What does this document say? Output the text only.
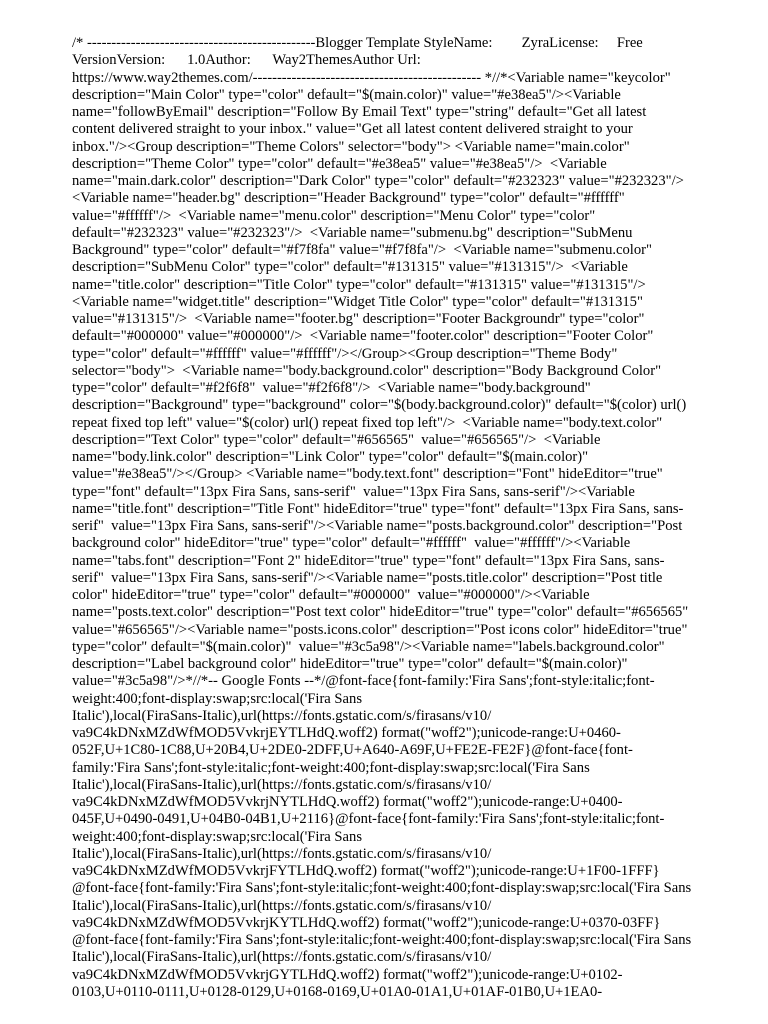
/* -----------------------------------------------Blogger Template StyleName:        ZyraLicense:     Free
VersionVersion:      1.0Author:      Way2ThemesAuthor Url:
https://www.way2themes.com/----------------------------------------------- *//*<Variable name="keycolor"
description="Main Color" type="color" default="$(main.color)" value="#e38ea5"/><Variable
name="followByEmail" description="Follow By Email Text" type="string" default="Get all latest
content delivered straight to your inbox." value="Get all latest content delivered straight to your
inbox."/><Group description="Theme Colors" selector="body"> <Variable name="main.color"
description="Theme Color" type="color" default="#e38ea5" value="#e38ea5"/>  <Variable
name="main.dark.color" description="Dark Color" type="color" default="#232323" value="#232323"/>
<Variable name="header.bg" description="Header Background" type="color" default="#ffffff"
value="#ffffff"/>  <Variable name="menu.color" description="Menu Color" type="color"
default="#232323" value="#232323"/>  <Variable name="submenu.bg" description="SubMenu
Background" type="color" default="#f7f8fa" value="#f7f8fa"/>  <Variable name="submenu.color"
description="SubMenu Color" type="color" default="#131315" value="#131315"/>  <Variable
name="title.color" description="Title Color" type="color" default="#131315" value="#131315"/>
<Variable name="widget.title" description="Widget Title Color" type="color" default="#131315"
value="#131315"/>  <Variable name="footer.bg" description="Footer Backgroundr" type="color"
default="#000000" value="#000000"/>  <Variable name="footer.color" description="Footer Color"
type="color" default="#ffffff" value="#ffffff"/></Group><Group description="Theme Body"
selector="body">  <Variable name="body.background.color" description="Body Background Color"
type="color" default="#f2f6f8"  value="#f2f6f8"/>  <Variable name="body.background"
description="Background" type="background" color="$(body.background.color)" default="$(color) url()
repeat fixed top left" value="$(color) url() repeat fixed top left"/>  <Variable name="body.text.color"
description="Text Color" type="color" default="#656565"  value="#656565"/>  <Variable
name="body.link.color" description="Link Color" type="color" default="$(main.color)"
value="#e38ea5"/></Group> <Variable name="body.text.font" description="Font" hideEditor="true"
type="font" default="13px Fira Sans, sans-serif"  value="13px Fira Sans, sans-serif"/><Variable
name="title.font" description="Title Font" hideEditor="true" type="font" default="13px Fira Sans, sans-
serif"  value="13px Fira Sans, sans-serif"/><Variable name="posts.background.color" description="Post
background color" hideEditor="true" type="color" default="#ffffff"  value="#ffffff"/><Variable
name="tabs.font" description="Font 2" hideEditor="true" type="font" default="13px Fira Sans, sans-
serif"  value="13px Fira Sans, sans-serif"/><Variable name="posts.title.color" description="Post title
color" hideEditor="true" type="color" default="#000000"  value="#000000"/><Variable
name="posts.text.color" description="Post text color" hideEditor="true" type="color" default="#656565"
value="#656565"/><Variable name="posts.icons.color" description="Post icons color" hideEditor="true"
type="color" default="$(main.color)"  value="#3c5a98"/><Variable name="labels.background.color"
description="Label background color" hideEditor="true" type="color" default="$(main.color)"
value="#3c5a98"/>*//*-- Google Fonts --*/@font-face{font-family:'Fira Sans';font-style:italic;font-
weight:400;font-display:swap;src:local('Fira Sans
Italic'),local(FiraSans-Italic),url(https://fonts.gstatic.com/s/firasans/v10/
va9C4kDNxMZdWfMOD5VvkrjEYTLHdQ.woff2) format("woff2");unicode-range:U+0460-
052F,U+1C80-1C88,U+20B4,U+2DE0-2DFF,U+A640-A69F,U+FE2E-FE2F}@font-face{font-
family:'Fira Sans';font-style:italic;font-weight:400;font-display:swap;src:local('Fira Sans
Italic'),local(FiraSans-Italic),url(https://fonts.gstatic.com/s/firasans/v10/
va9C4kDNxMZdWfMOD5VvkrjNYTLHdQ.woff2) format("woff2");unicode-range:U+0400-
045F,U+0490-0491,U+04B0-04B1,U+2116}@font-face{font-family:'Fira Sans';font-style:italic;font-
weight:400;font-display:swap;src:local('Fira Sans
Italic'),local(FiraSans-Italic),url(https://fonts.gstatic.com/s/firasans/v10/
va9C4kDNxMZdWfMOD5VvkrjFYTLHdQ.woff2) format("woff2");unicode-range:U+1F00-1FFF}
@font-face{font-family:'Fira Sans';font-style:italic;font-weight:400;font-display:swap;src:local('Fira Sans
Italic'),local(FiraSans-Italic),url(https://fonts.gstatic.com/s/firasans/v10/
va9C4kDNxMZdWfMOD5VvkrjKYTLHdQ.woff2) format("woff2");unicode-range:U+0370-03FF}
@font-face{font-family:'Fira Sans';font-style:italic;font-weight:400;font-display:swap;src:local('Fira Sans
Italic'),local(FiraSans-Italic),url(https://fonts.gstatic.com/s/firasans/v10/
va9C4kDNxMZdWfMOD5VvkrjGYTLHdQ.woff2) format("woff2");unicode-range:U+0102-
0103,U+0110-0111,U+0128-0129,U+0168-0169,U+01A0-01A1,U+01AF-01B0,U+1EA0-
